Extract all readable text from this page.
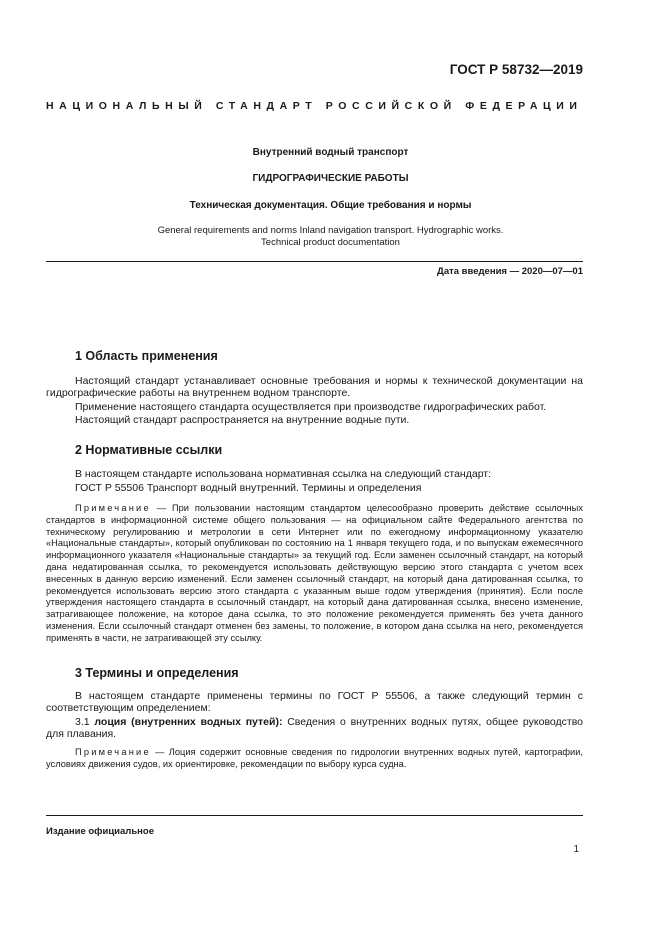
ГОСТ Р 58732—2019
НАЦИОНАЛЬНЫЙ СТАНДАРТ РОССИЙСКОЙ ФЕДЕРАЦИИ
Внутренний водный транспорт
ГИДРОГРАФИЧЕСКИЕ РАБОТЫ
Техническая документация. Общие требования и нормы
General requirements and norms Inland navigation transport. Hydrographic works.
Technical product documentation
Дата введения — 2020—07—01
1 Область применения
Настоящий стандарт устанавливает основные требования и нормы к технической документации на гидрографические работы на внутреннем водном транспорте.
Применение настоящего стандарта осуществляется при производстве гидрографических работ.
Настоящий стандарт распространяется на внутренние водные пути.
2 Нормативные ссылки
В настоящем стандарте использована нормативная ссылка на следующий стандарт:
ГОСТ Р 55506 Транспорт водный внутренний. Термины и определения
Примечание — При пользовании настоящим стандартом целесообразно проверить действие ссылочных стандартов в информационной системе общего пользования — на официальном сайте Федерального агентства по техническому регулированию и метрологии в сети Интернет или по ежегодному информационному указателю «Национальные стандарты», который опубликован по состоянию на 1 января текущего года, и по выпускам ежемесячного информационного указателя «Национальные стандарты» за текущий год. Если заменен ссылочный стандарт, на который дана недатированная ссылка, то рекомендуется использовать действующую версию этого стандарта с учетом всех внесенных в данную версию изменений. Если заменен ссылочный стандарт, на который дана датированная ссылка, то рекомендуется использовать версию этого стандарта с указанным выше годом утверждения (принятия). Если после утверждения настоящего стандарта в ссылочный стандарт, на который дана датированная ссылка, внесено изменение, затрагивающее положение, на которое дана ссылка, то это положение рекомендуется применять без учета данного изменения. Если ссылочный стандарт отменен без замены, то положение, в котором дана ссылка на него, рекомендуется применять в части, не затрагивающей эту ссылку.
3 Термины и определения
В настоящем стандарте применены термины по ГОСТ Р 55506, а также следующий термин с соответствующим определением:
3.1 лоция (внутренних водных путей): Сведения о внутренних водных путях, общее руководство для плавания.
Примечание — Лоция содержит основные сведения по гидрологии внутренних водных путей, картографии, условиях движения судов, их ориентировке, рекомендации по выбору курса судна.
Издание официальное
1
